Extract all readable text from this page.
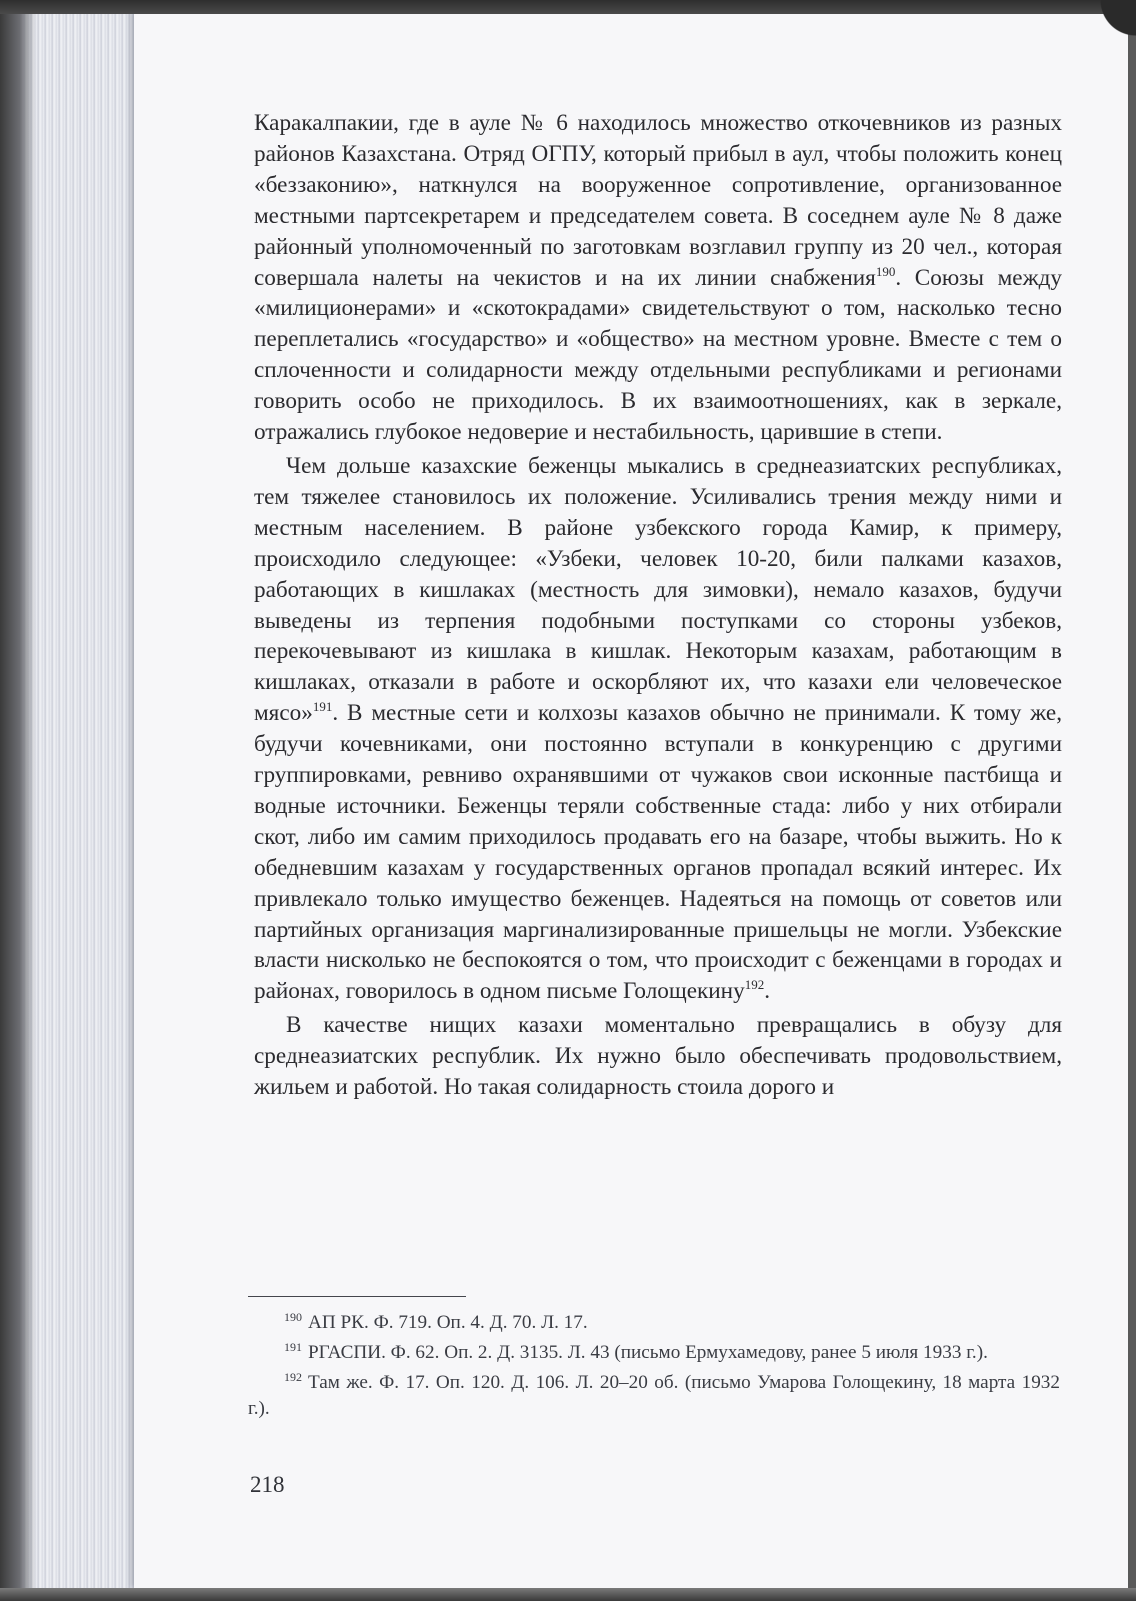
Каракалпакии, где в ауле № 6 находилось множество откочевников из разных районов Казахстана. Отряд ОГПУ, который прибыл в аул, чтобы положить конец «беззаконию», наткнулся на вооруженное сопротивление, организованное местными партсекретарем и председателем совета. В соседнем ауле № 8 даже районный уполномоченный по заготовкам возглавил группу из 20 чел., которая совершала налеты на чекистов и на их линии снабжения$^{190}$. Союзы между «милиционерами» и «скотокрадами» свидетельствуют о том, насколько тесно переплетались «государство» и «общество» на местном уровне. Вместе с тем о сплоченности и солидарности между отдельными республиками и регионами говорить особо не приходилось. В их взаимоотношениях, как в зеркале, отражались глубокое недоверие и нестабильность, царившие в степи.

Чем дольше казахские беженцы мыкались в среднеазиатских республиках, тем тяжелее становилось их положение. Усиливались трения между ними и местным населением. В районе узбекского города Камир, к примеру, происходило следующее: «Узбеки, человек 10-20, били палками казахов, работающих в кишлаках (местность для зимовки), немало казахов, будучи выведены из терпения подобными поступками со стороны узбеков, перекочевывают из кишлака в кишлак. Некоторым казахам, работающим в кишлаках, отказали в работе и оскорбляют их, что казахи ели человеческое мясо»$^{191}$. В местные сети и колхозы казахов обычно не принимали. К тому же, будучи кочевниками, они постоянно вступали в конкуренцию с другими группировками, ревниво охранявшими от чужаков свои исконные пастбища и водные источники. Беженцы теряли собственные стада: либо у них отбирали скот, либо им самим приходилось продавать его на базаре, чтобы выжить. Но к обедневшим казахам у государственных органов пропадал всякий интерес. Их привлекало только имущество беженцев. Надеяться на помощь от советов или партийных организация маргинализированные пришельцы не могли. Узбекские власти нисколько не беспокоятся о том, что происходит с беженцами в городах и районах, говорилось в одном письме Голощекину$^{192}$.

В качестве нищих казахи моментально превращались в обузу для среднеазиатских республик. Их нужно было обеспечивать продовольствием, жильем и работой. Но такая солидарность стоила дорого и

$^{190}$ АП РК. Ф. 719. Оп. 4. Д. 70. Л. 17.

$^{191}$ РГАСПИ. Ф. 62. Оп. 2. Д. 3135. Л. 43 (письмо Ермухамедову, ранее 5 июля 1933 г.).

$^{192}$ Там же. Ф. 17. Оп. 120. Д. 106. Л. 20–20 об. (письмо Умарова Голощекину, 18 марта 1932 г.).

218
